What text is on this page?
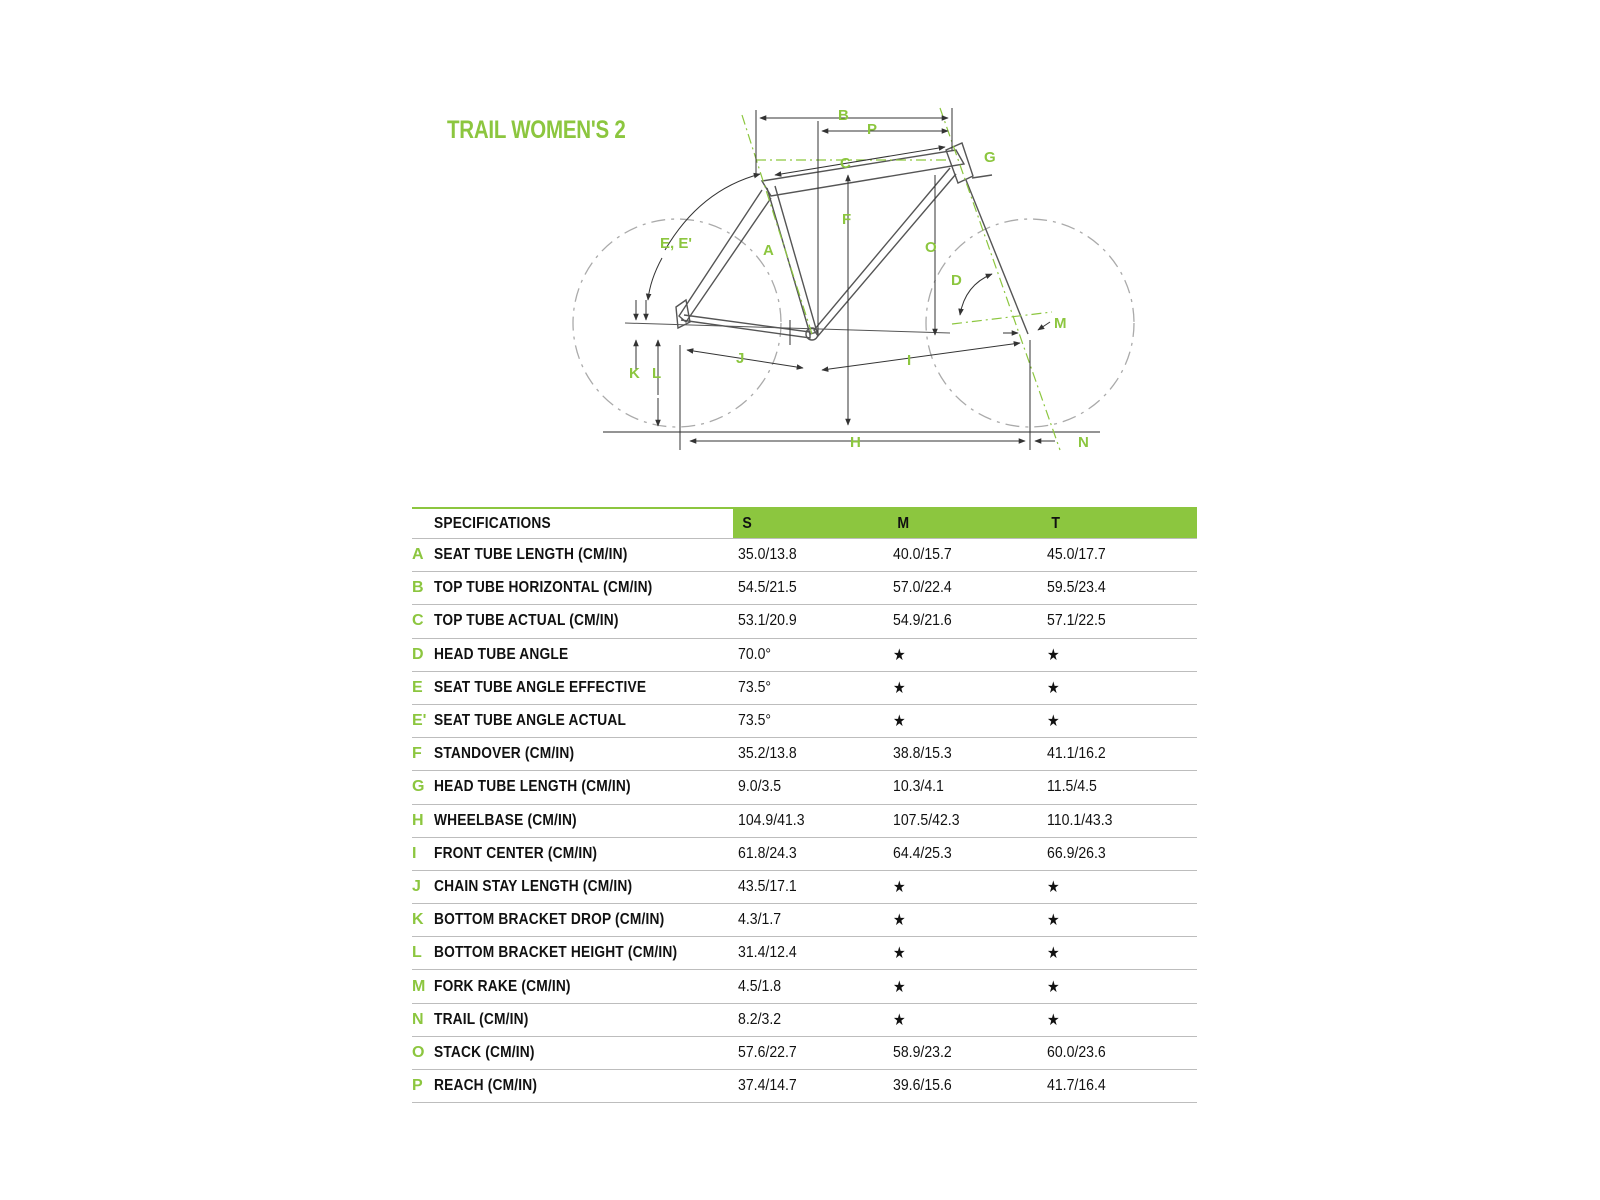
TRAIL WOMEN'S 2
B
P
C	G
F
A	O
E, E'
D
M
K L
J	I
H	N
	SPECIFICATIONS	S	M	T
A	SEAT TUBE LENGTH (CM/IN)	35.0/13.8	40.0/15.7	45.0/17.7
B	TOP TUBE HORIZONTAL (CM/IN)	54.5/21.5	57.0/22.4	59.5/23.4
C	TOP TUBE ACTUAL (CM/IN)	53.1/20.9	54.9/21.6	57.1/22.5
D	HEAD TUBE ANGLE	70.0°	★	★
E	SEAT TUBE ANGLE EFFECTIVE	73.5°	★	★
E'	SEAT TUBE ANGLE ACTUAL	73.5°	★	★
F	STANDOVER (CM/IN)	35.2/13.8	38.8/15.3	41.1/16.2
G	HEAD TUBE LENGTH (CM/IN)	9.0/3.5	10.3/4.1	11.5/4.5
H	WHEELBASE (CM/IN)	104.9/41.3	107.5/42.3	110.1/43.3
I	FRONT CENTER (CM/IN)	61.8/24.3	64.4/25.3	66.9/26.3
J	CHAIN STAY LENGTH (CM/IN)	43.5/17.1	★	★
K	BOTTOM BRACKET DROP (CM/IN)	4.3/1.7	★	★
L	BOTTOM BRACKET HEIGHT (CM/IN)	31.4/12.4	★	★
M	FORK RAKE (CM/IN)	4.5/1.8	★	★
N	TRAIL (CM/IN)	8.2/3.2	★	★
O	STACK (CM/IN)	57.6/22.7	58.9/23.2	60.0/23.6
P	REACH (CM/IN)	37.4/14.7	39.6/15.6	41.7/16.4
